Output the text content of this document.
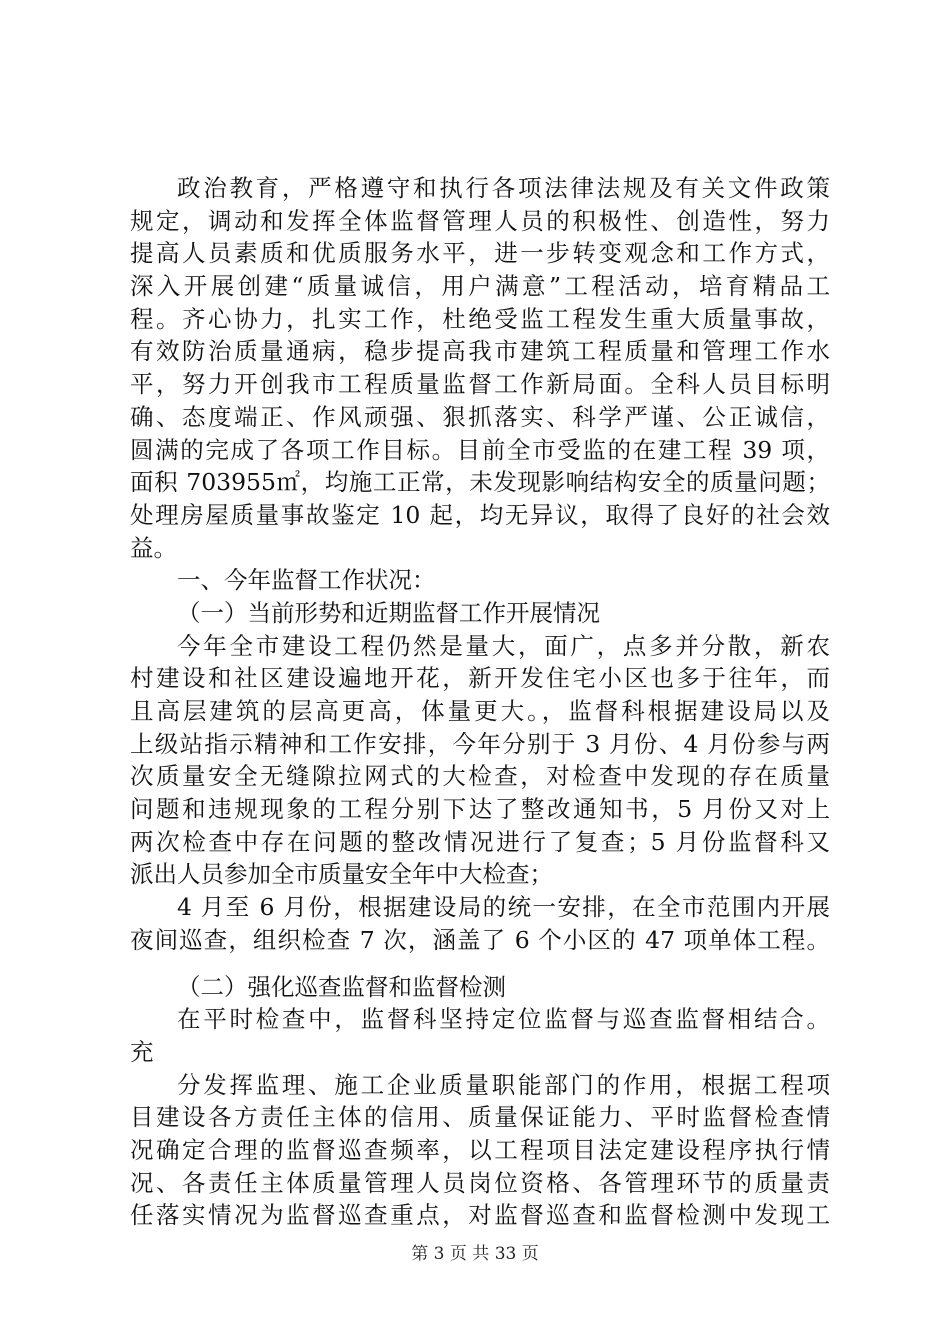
政治教育，严格遵守和执行各项法律法规及有关文件政策
规定，调动和发挥全体监督管理人员的积极性、创造性，努力
提高人员素质和优质服务水平，进一步转变观念和工作方式，
深入开展创建“质量诚信，用户满意”工程活动，培育精品工
程。齐心协力，扎实工作，杜绝受监工程发生重大质量事故，
有效防治质量通病，稳步提高我市建筑工程质量和管理工作水
平，努力开创我市工程质量监督工作新局面。全科人员目标明
确、态度端正、作风顽强、狠抓落实、科学严谨、公正诚信，
圆满的完成了各项工作目标。目前全市受监的在建工程 39 项，
面积 703955㎡，均施工正常，未发现影响结构安全的质量问题；
处理房屋质量事故鉴定 10 起，均无异议，取得了良好的社会效
益。
一、今年监督工作状况：
（一）当前形势和近期监督工作开展情况
今年全市建设工程仍然是量大，面广，点多并分散，新农
村建设和社区建设遍地开花，新开发住宅小区也多于往年，而
且高层建筑的层高更高，体量更大。，监督科根据建设局以及
上级站指示精神和工作安排，今年分别于 3 月份、4 月份参与两
次质量安全无缝隙拉网式的大检查，对检查中发现的存在质量
问题和违规现象的工程分别下达了整改通知书，5 月份又对上
两次检查中存在问题的整改情况进行了复查；5 月份监督科又
派出人员参加全市质量安全年中大检查；
4 月至 6 月份，根据建设局的统一安排，在全市范围内开展
夜间巡查，组织检查 7 次，涵盖了 6 个小区的 47 项单体工程。
（二）强化巡查监督和监督检测
在平时检查中，监督科坚持定位监督与巡查监督相结合。
充
分发挥监理、施工企业质量职能部门的作用，根据工程项
目建设各方责任主体的信用、质量保证能力、平时监督检查情
况确定合理的监督巡查频率，以工程项目法定建设程序执行情
况、各责任主体质量管理人员岗位资格、各管理环节的质量责
任落实情况为监督巡查重点，对监督巡查和监督检测中发现工
第 3 页 共 33 页
